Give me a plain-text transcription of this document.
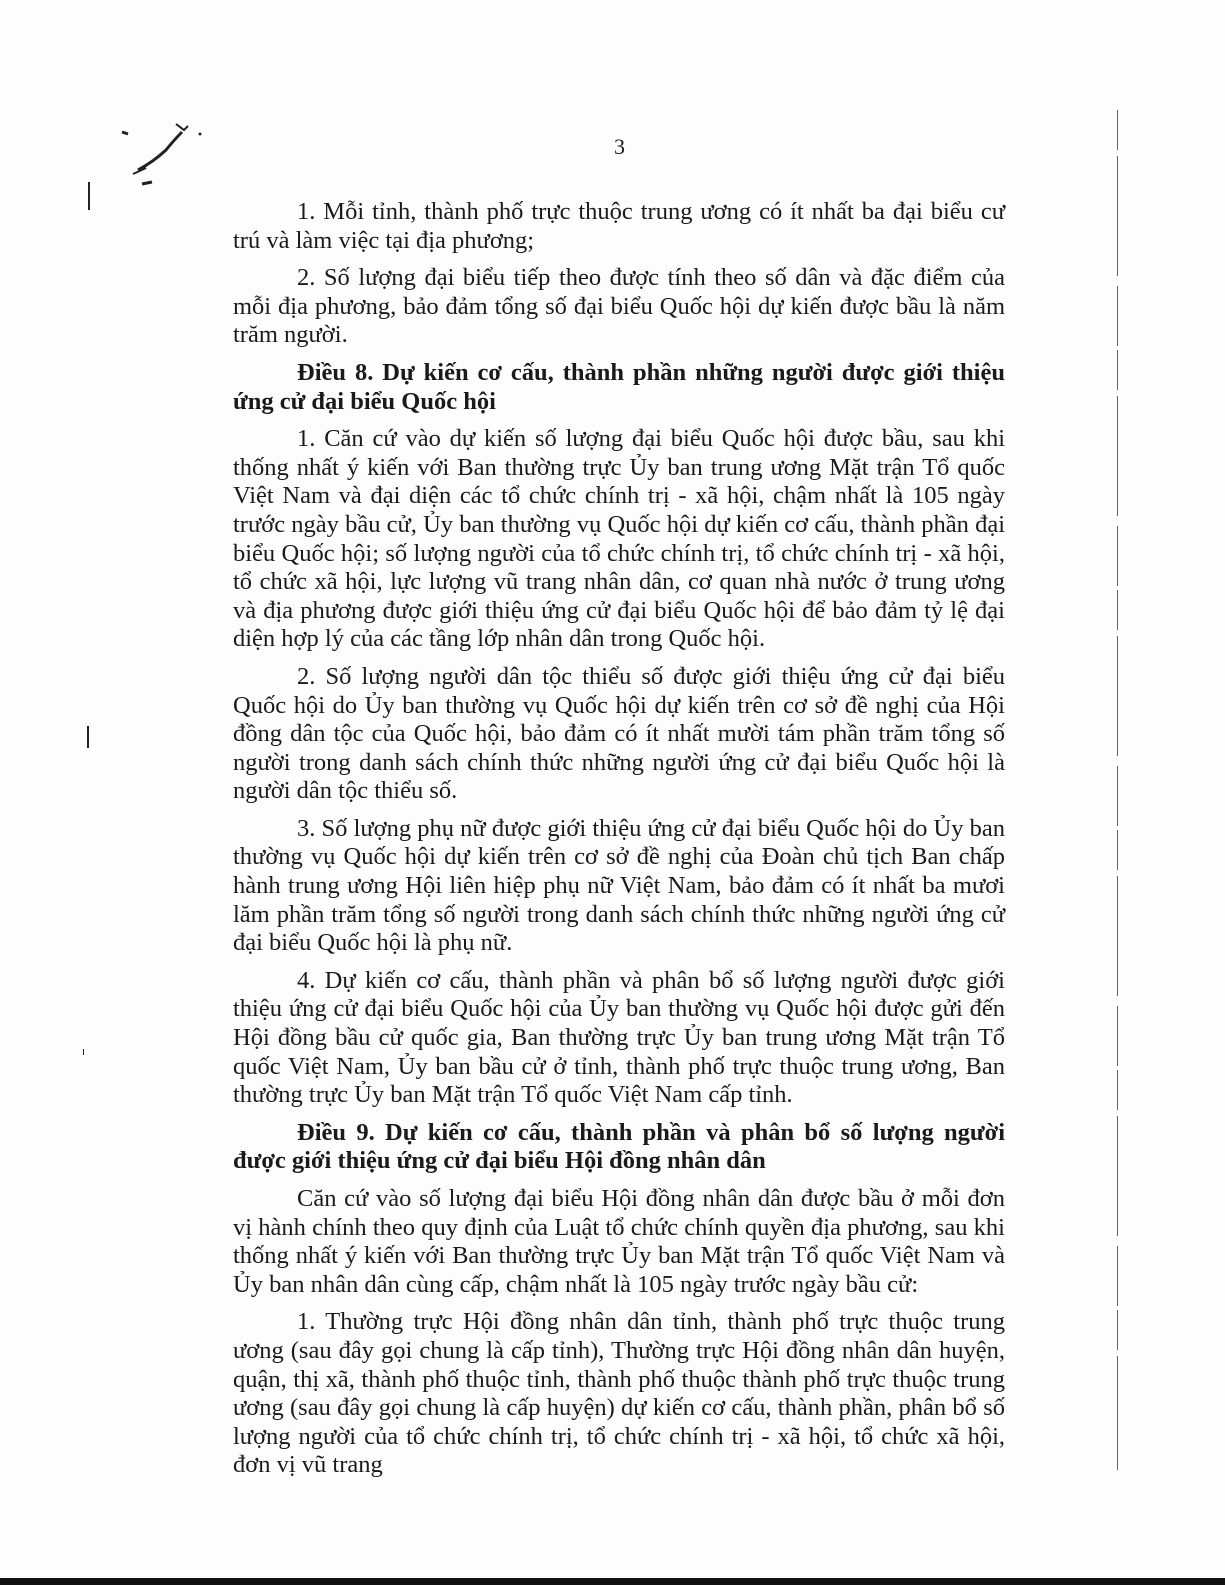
3

1. Mỗi tỉnh, thành phố trực thuộc trung ương có ít nhất ba đại biểu cư trú và làm việc tại địa phương;

2. Số lượng đại biểu tiếp theo được tính theo số dân và đặc điểm của mỗi địa phương, bảo đảm tổng số đại biểu Quốc hội dự kiến được bầu là năm trăm người.

Điều 8. Dự kiến cơ cấu, thành phần những người được giới thiệu ứng cử đại biểu Quốc hội

1. Căn cứ vào dự kiến số lượng đại biểu Quốc hội được bầu, sau khi thống nhất ý kiến với Ban thường trực Ủy ban trung ương Mặt trận Tổ quốc Việt Nam và đại diện các tổ chức chính trị - xã hội, chậm nhất là 105 ngày trước ngày bầu cử, Ủy ban thường vụ Quốc hội dự kiến cơ cấu, thành phần đại biểu Quốc hội; số lượng người của tổ chức chính trị, tổ chức chính trị - xã hội, tổ chức xã hội, lực lượng vũ trang nhân dân, cơ quan nhà nước ở trung ương và địa phương được giới thiệu ứng cử đại biểu Quốc hội để bảo đảm tỷ lệ đại diện hợp lý của các tầng lớp nhân dân trong Quốc hội.

2. Số lượng người dân tộc thiểu số được giới thiệu ứng cử đại biểu Quốc hội do Ủy ban thường vụ Quốc hội dự kiến trên cơ sở đề nghị của Hội đồng dân tộc của Quốc hội, bảo đảm có ít nhất mười tám phần trăm tổng số người trong danh sách chính thức những người ứng cử đại biểu Quốc hội là người dân tộc thiểu số.

3. Số lượng phụ nữ được giới thiệu ứng cử đại biểu Quốc hội do Ủy ban thường vụ Quốc hội dự kiến trên cơ sở đề nghị của Đoàn chủ tịch Ban chấp hành trung ương Hội liên hiệp phụ nữ Việt Nam, bảo đảm có ít nhất ba mươi lăm phần trăm tổng số người trong danh sách chính thức những người ứng cử đại biểu Quốc hội là phụ nữ.

4. Dự kiến cơ cấu, thành phần và phân bổ số lượng người được giới thiệu ứng cử đại biểu Quốc hội của Ủy ban thường vụ Quốc hội được gửi đến Hội đồng bầu cử quốc gia, Ban thường trực Ủy ban trung ương Mặt trận Tổ quốc Việt Nam, Ủy ban bầu cử ở tỉnh, thành phố trực thuộc trung ương, Ban thường trực Ủy ban Mặt trận Tổ quốc Việt Nam cấp tỉnh.

Điều 9. Dự kiến cơ cấu, thành phần và phân bổ số lượng người được giới thiệu ứng cử đại biểu Hội đồng nhân dân

Căn cứ vào số lượng đại biểu Hội đồng nhân dân được bầu ở mỗi đơn vị hành chính theo quy định của Luật tổ chức chính quyền địa phương, sau khi thống nhất ý kiến với Ban thường trực Ủy ban Mặt trận Tổ quốc Việt Nam và Ủy ban nhân dân cùng cấp, chậm nhất là 105 ngày trước ngày bầu cử:

1. Thường trực Hội đồng nhân dân tỉnh, thành phố trực thuộc trung ương (sau đây gọi chung là cấp tỉnh), Thường trực Hội đồng nhân dân huyện, quận, thị xã, thành phố thuộc tỉnh, thành phố thuộc thành phố trực thuộc trung ương (sau đây gọi chung là cấp huyện) dự kiến cơ cấu, thành phần, phân bổ số lượng người của tổ chức chính trị, tổ chức chính trị - xã hội, tổ chức xã hội, đơn vị vũ trang
